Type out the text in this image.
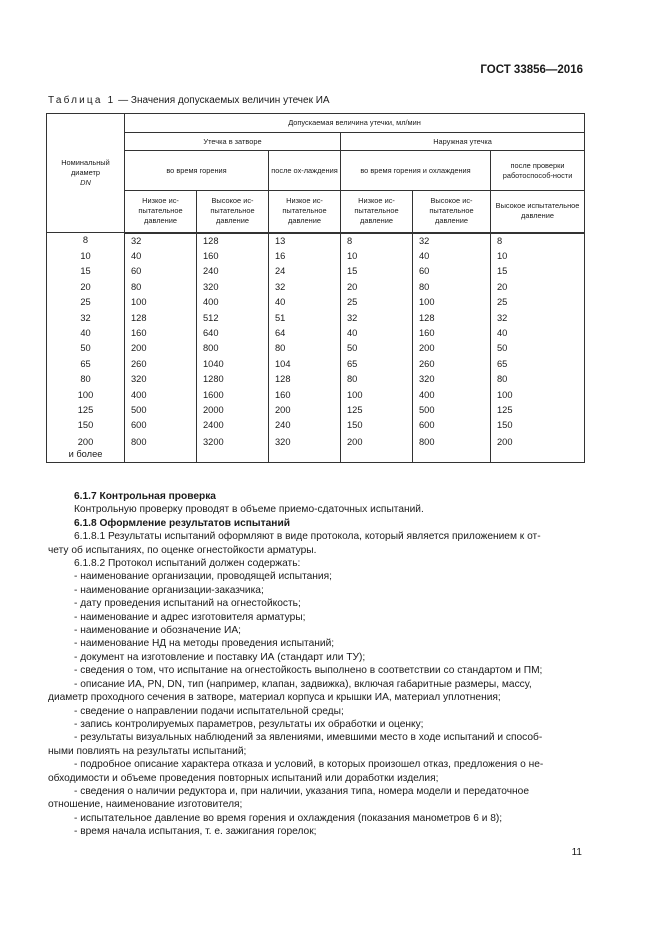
ГОСТ 33856—2016
Таблица 1 — Значения допускаемых величин утечек ИА
Номинальный диаметр
DN	Допускаемая величина утечки, мл/мин					
	Утечка в затворе			Наружная утечка		
	во время горения		после ох-лаждения	во время горения и охлаждения		после проверки работоспособ-ности
	Низкое ис-пытательное давление	Высокое ис-пытательное давление	Низкое ис-пытательное давление	Низкое ис-пытательное давление	Высокое ис-пытательное давление	Высокое испытательное давление
8	32	128	13	8	32	8
10	40	160	16	10	40	10
15	60	240	24	15	60	15
20	80	320	32	20	80	20
25	100	400	40	25	100	25
32	128	512	51	32	128	32
40	160	640	64	40	160	40
50	200	800	80	50	200	50
65	260	1040	104	65	260	65
80	320	1280	128	80	320	80
100	400	1600	160	100	400	100
125	500	2000	200	125	500	125
150	600	2400	240	150	600	150
200
и более	800	3200	320	200	800	200

6.1.7 Контрольная проверка

Контрольную проверку проводят в объеме приемо-сдаточных испытаний.

6.1.8 Оформление результатов испытаний

6.1.8.1 Результаты испытаний оформляют в виде протокола, который является приложением к от-

чету об испытаниях, по оценке огнестойкости арматуры.

6.1.8.2 Протокол испытаний должен содержать:

- наименование организации, проводящей испытания;

- наименование организации-заказчика;

- дату проведения испытаний на огнестойкость;

- наименование и адрес изготовителя арматуры;

- наименование и обозначение ИА;

- наименование НД на методы проведения испытаний;

- документ на изготовление и поставку ИА (стандарт или ТУ);

- сведения о том, что испытание на огнестойкость выполнено в соответствии со стандартом и ПМ;

- описание ИА, PN, DN, тип (например, клапан, задвижка), включая габаритные размеры, массу,

диаметр проходного сечения в затворе, материал корпуса и крышки ИА, материал уплотнения;

- сведение о направлении подачи испытательной среды;

- запись контролируемых параметров, результаты их обработки и оценку;

- результаты визуальных наблюдений за явлениями, имевшими место в ходе испытаний и способ-

ными повлиять на результаты испытаний;

- подробное описание характера отказа и условий, в которых произошел отказ, предложения о не-

обходимости и объеме проведения повторных испытаний или доработки изделия;

- сведения о наличии редуктора и, при наличии, указания типа, номера модели и передаточное

отношение, наименование изготовителя;

- испытательное давление во время горения и охлаждения (показания манометров 6 и 8);

- время начала испытания, т. е. зажигания горелок;

11
